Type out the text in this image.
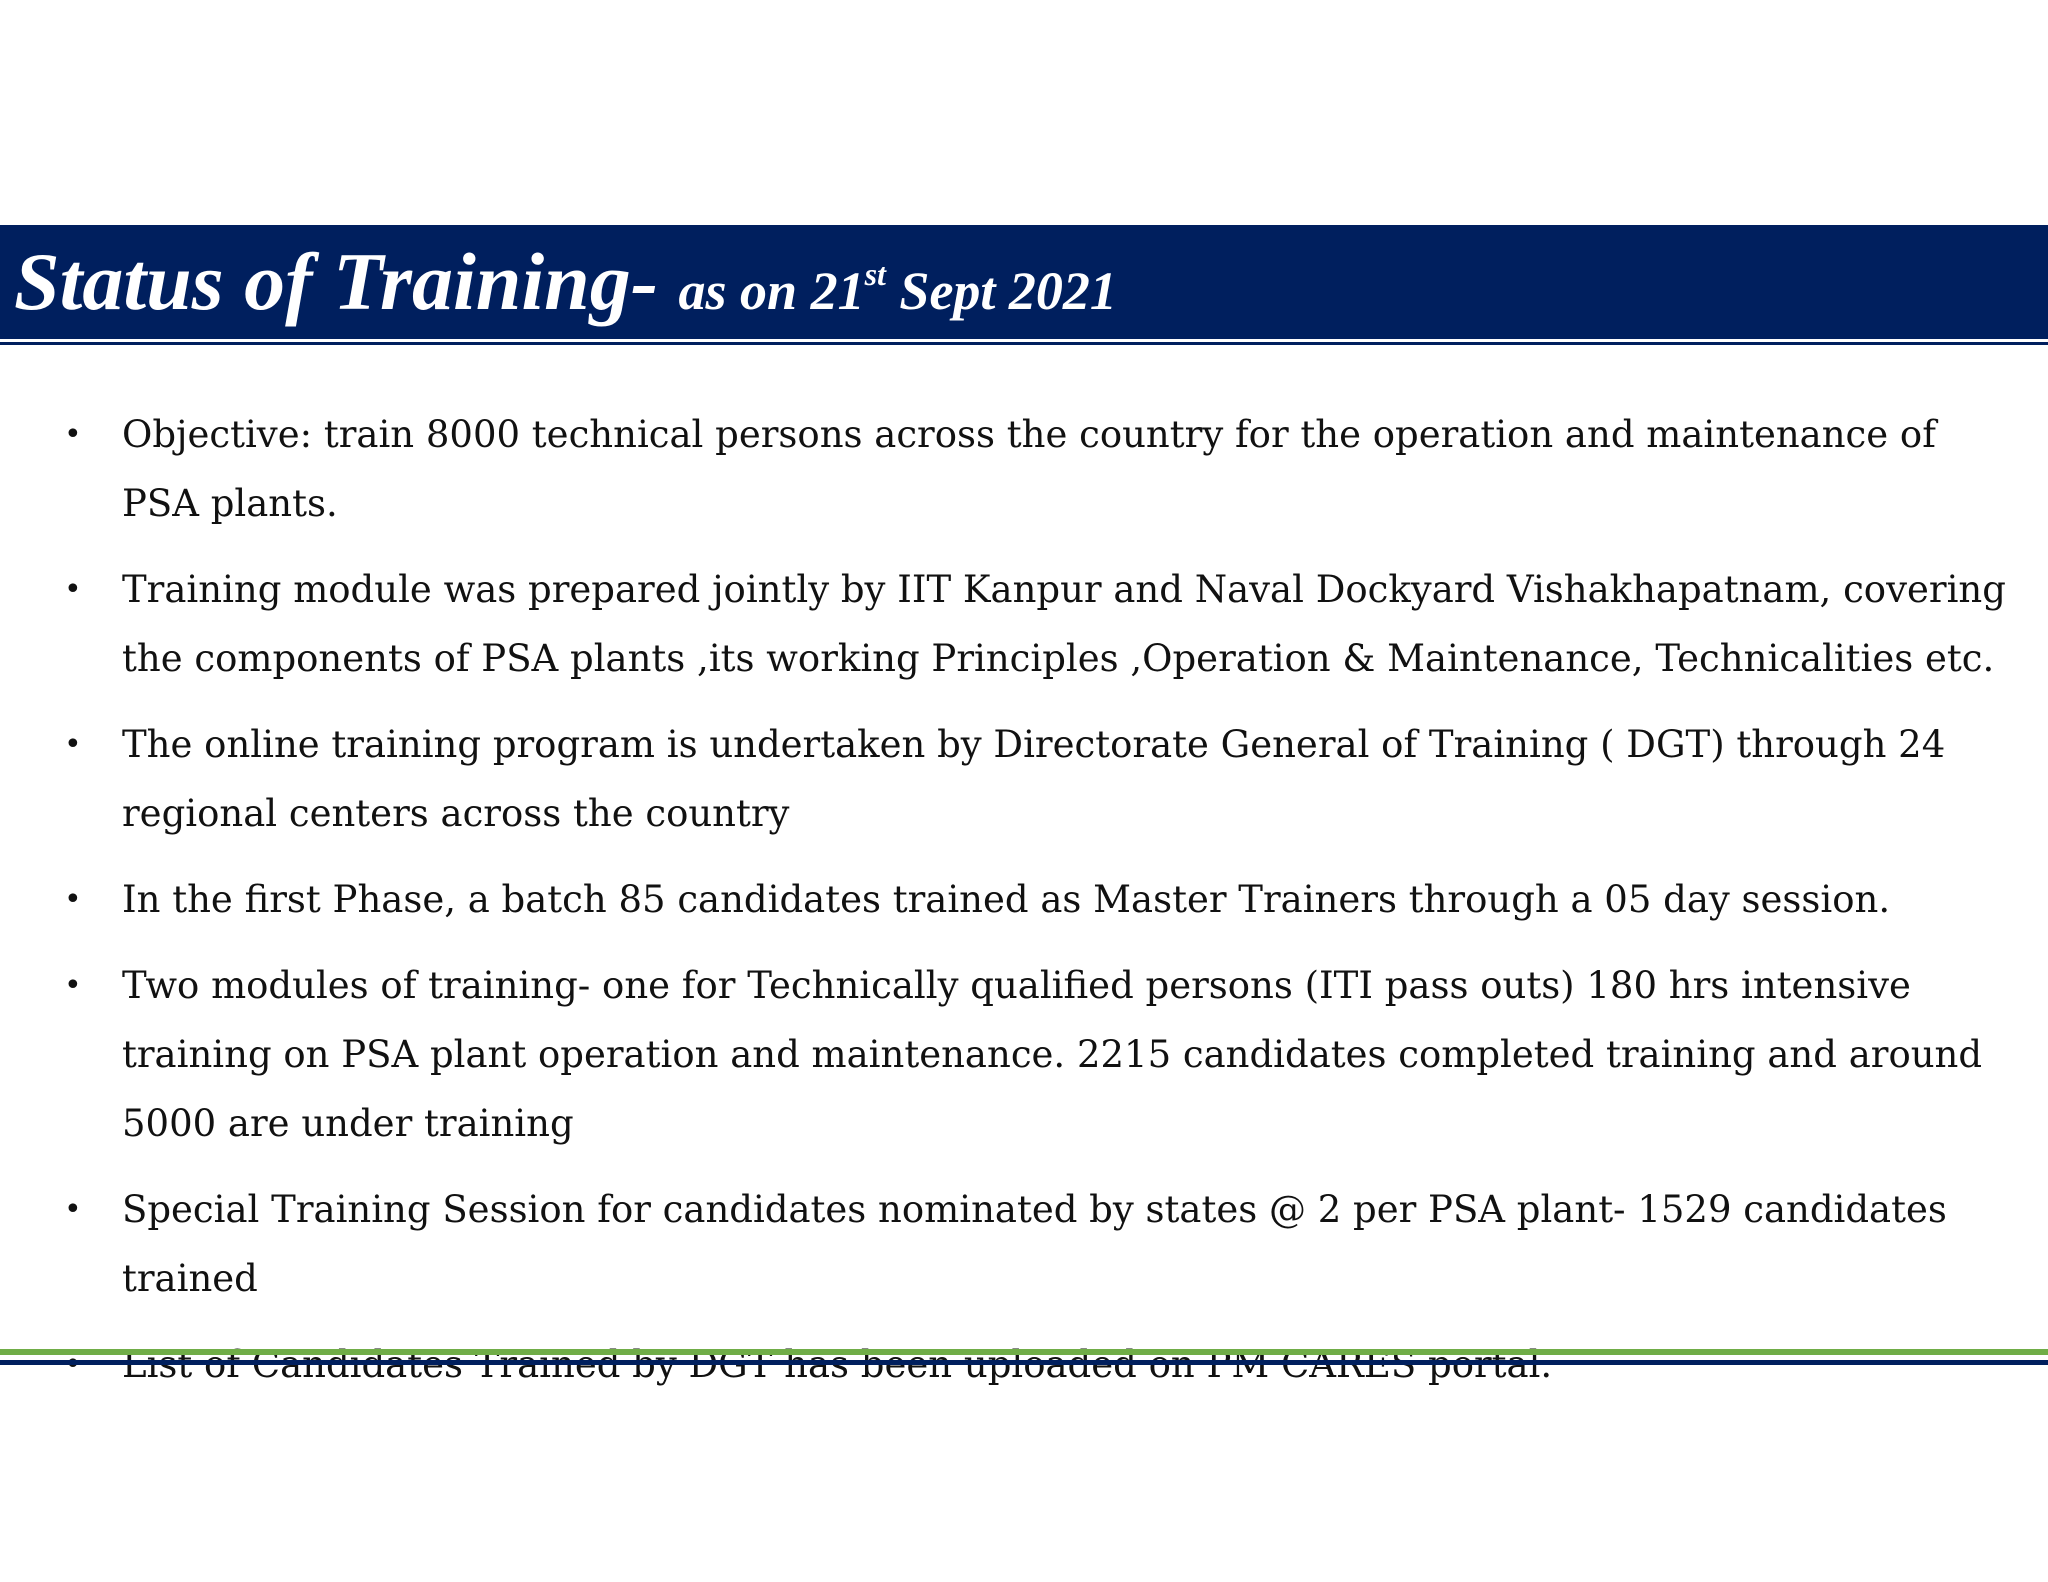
Status of Training- as on 21st Sept 2021
• Objective: train 8000 technical persons across the country for the operation and maintenance of PSA plants.
• Training module was prepared jointly by IIT Kanpur and Naval Dockyard Vishakhapatnam, covering the components of PSA plants ,its working Principles ,Operation & Maintenance, Technicalities etc.
• The online training program is undertaken by Directorate General of Training ( DGT) through 24 regional centers across the country
• In the first Phase, a batch 85 candidates trained as Master Trainers through a 05 day session.
• Two modules of training- one for Technically qualified persons (ITI pass outs) 180 hrs intensive training on PSA plant operation and maintenance. 2215 candidates completed training and around 5000 are under training
• Special Training Session for candidates nominated by states @ 2 per PSA plant- 1529 candidates trained
